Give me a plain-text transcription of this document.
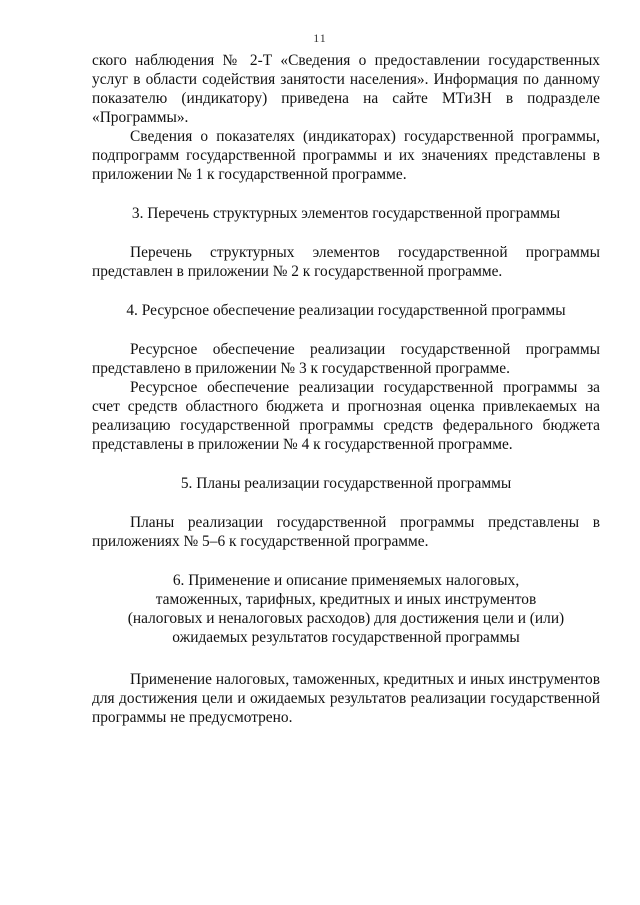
11

ского наблюдения № 2-Т «Сведения о предоставлении государственных услуг в области содействия занятости населения». Информация по данному показателю (индикатору) приведена на сайте МТиЗН в подразделе «Программы».

Сведения о показателях (индикаторах) государственной программы, подпрограмм государственной программы и их значениях представлены в приложении № 1 к государственной программе.

3. Перечень структурных элементов государственной программы

Перечень структурных элементов государственной программы представлен в приложении № 2 к государственной программе.

4. Ресурсное обеспечение реализации государственной программы

Ресурсное обеспечение реализации государственной программы представлено в приложении № 3 к государственной программе.

Ресурсное обеспечение реализации государственной программы за счет средств областного бюджета и прогнозная оценка привлекаемых на реализацию государственной программы средств федерального бюджета представлены в приложении № 4 к государственной программе.

5. Планы реализации государственной программы

Планы реализации государственной программы представлены в приложениях № 5–6 к государственной программе.

6. Применение и описание применяемых налоговых,

таможенных, тарифных, кредитных и иных инструментов

(налоговых и неналоговых расходов) для достижения цели и (или)

ожидаемых результатов государственной программы

Применение налоговых, таможенных, кредитных и иных инструментов для достижения цели и ожидаемых результатов реализации государственной программы не предусмотрено.
